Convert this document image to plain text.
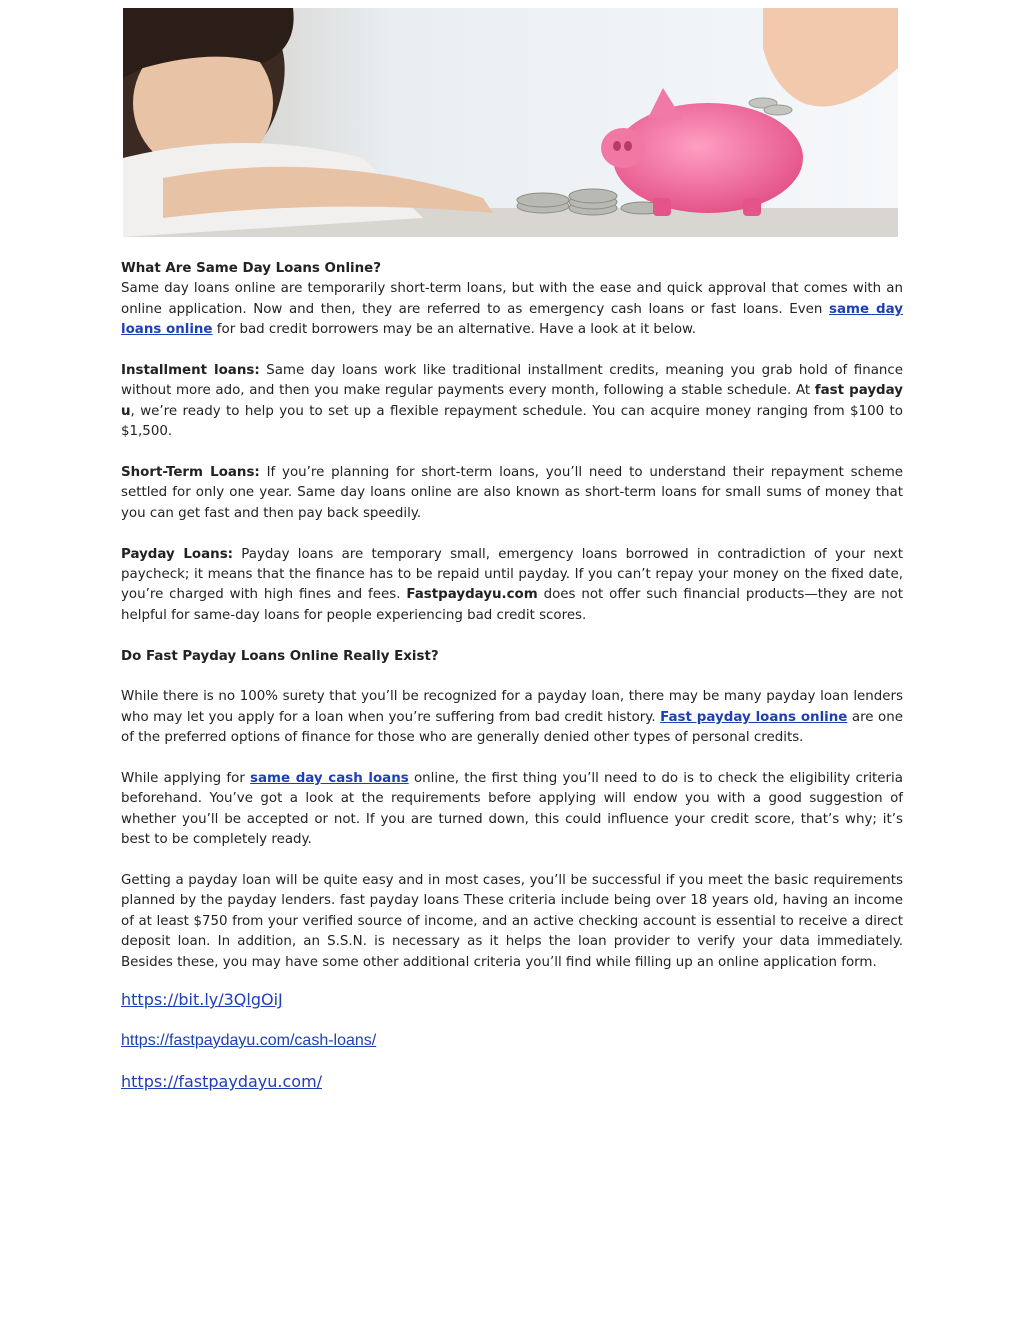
What Are Same Day Loans Online?
Same day loans online are temporarily short-term loans, but with the ease and quick approval that comes with an online application. Now and then, they are referred to as emergency cash loans or fast loans. Even same day loans online for bad credit borrowers may be an alternative. Have a look at it below.

Installment loans: Same day loans work like traditional installment credits, meaning you grab hold of finance without more ado, and then you make regular payments every month, following a stable schedule. At fast payday u, we’re ready to help you to set up a flexible repayment schedule. You can acquire money ranging from $100 to $1,500.

Short-Term Loans: If you’re planning for short-term loans, you’ll need to understand their repayment scheme settled for only one year. Same day loans online are also known as short-term loans for small sums of money that you can get fast and then pay back speedily.

Payday Loans: Payday loans are temporary small, emergency loans borrowed in contradiction of your next paycheck; it means that the finance has to be repaid until payday. If you can’t repay your money on the fixed date, you’re charged with high fines and fees. Fastpaydayu.com does not offer such financial products—they are not helpful for same-day loans for people experiencing bad credit scores.

Do Fast Payday Loans Online Really Exist?

While there is no 100% surety that you’ll be recognized for a payday loan, there may be many payday loan lenders who may let you apply for a loan when you’re suffering from bad credit history. Fast payday loans online are one of the preferred options of finance for those who are generally denied other types of personal credits.

While applying for same day cash loans online, the first thing you’ll need to do is to check the eligibility criteria beforehand. You’ve got a look at the requirements before applying will endow you with a good suggestion of whether you’ll be accepted or not. If you are turned down, this could influence your credit score, that’s why; it’s best to be completely ready.

Getting a payday loan will be quite easy and in most cases, you’ll be successful if you meet the basic requirements planned by the payday lenders. fast payday loans These criteria include being over 18 years old, having an income of at least $750 from your verified source of income, and an active checking account is essential to receive a direct deposit loan. In addition, an S.S.N. is necessary as it helps the loan provider to verify your data immediately. Besides these, you may have some other additional criteria you’ll find while filling up an online application form.

https://bit.ly/3QlgOiJ
https://fastpaydayu.com/cash-loans/
https://fastpaydayu.com/
